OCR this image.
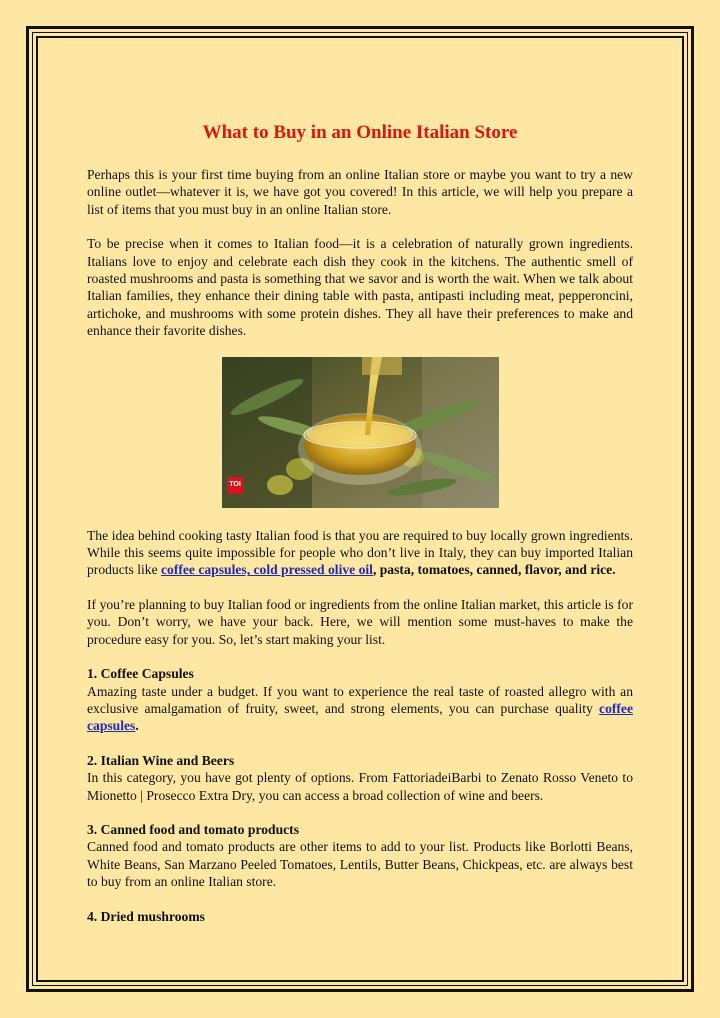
What to Buy in an Online Italian Store

Perhaps this is your first time buying from an online Italian store or maybe you want to try a new online outlet—whatever it is, we have got you covered! In this article, we will help you prepare a list of items that you must buy in an online Italian store.

To be precise when it comes to Italian food—it is a celebration of naturally grown ingredients. Italians love to enjoy and celebrate each dish they cook in the kitchens. The authentic smell of roasted mushrooms and pasta is something that we savor and is worth the wait. When we talk about Italian families, they enhance their dining table with pasta, antipasti including meat, pepperoncini, artichoke, and mushrooms with some protein dishes. They all have their preferences to make and enhance their favorite dishes.

TOI

The idea behind cooking tasty Italian food is that you are required to buy locally grown ingredients. While this seems quite impossible for people who don’t live in Italy, they can buy imported Italian products like coffee capsules, cold pressed olive oil, pasta, tomatoes, canned, flavor, and rice.

If you’re planning to buy Italian food or ingredients from the online Italian market, this article is for you. Don’t worry, we have your back. Here, we will mention some must-haves to make the procedure easy for you. So, let’s start making your list.

1. Coffee Capsules
Amazing taste under a budget. If you want to experience the real taste of roasted allegro with an exclusive amalgamation of fruity, sweet, and strong elements, you can purchase quality coffee capsules.

2. Italian Wine and Beers
In this category, you have got plenty of options. From FattoriadeiBarbi to Zenato Rosso Veneto to Mionetto | Prosecco Extra Dry, you can access a broad collection of wine and beers.

3. Canned food and tomato products
Canned food and tomato products are other items to add to your list. Products like Borlotti Beans, White Beans, San Marzano Peeled Tomatoes, Lentils, Butter Beans, Chickpeas, etc. are always best to buy from an online Italian store.

4. Dried mushrooms
